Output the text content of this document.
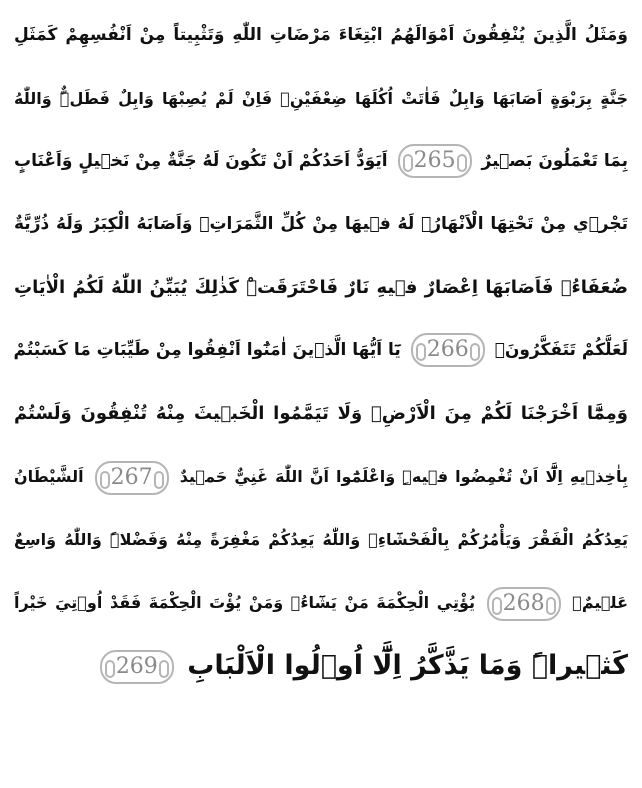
وَمَثَلُ الَّذِينَ يُنْفِقُونَ اَمْوَالَهُمُ ابْتِغَاءَ مَرْضَاتِ اللّٰهِ وَتَثْبِيتاً مِنْ اَنْفُسِهِمْ كَمَثَلِ
جَنَّةٍ بِرَبْوَةٍ اَصَابَهَا وَابِلٌ فَاٰتَتْ اُكُلَهَا ضِعْفَيْنِۚ فَاِنْ لَمْ يُصِبْهَا وَابِلٌ فَطَلٌّۜ وَاللّٰهُ
بِمَا تَعْمَلُونَ بَص۪يرٌ 265 اَيَوَدُّ اَحَدُكُمْ اَنْ تَكُونَ لَهُ جَنَّةٌ مِنْ نَخ۪يلٍ وَاَعْنَابٍ
تَجْر۪ي مِنْ تَحْتِهَا الْاَنْهَارُۙ لَهُ ف۪يهَا مِنْ كُلِّ الثَّمَرَاتِۙ وَاَصَابَهُ الْكِبَرُ وَلَهُ ذُرِّيَّةٌ
ضُعَفَاءُۖ فَاَصَابَهَا اِعْصَارٌ ف۪يهِ نَارٌ فَاحْتَرَقَتْۜ كَذٰلِكَ يُبَيِّنُ اللّٰهُ لَكُمُ الْاٰيَاتِ
لَعَلَّكُمْ تَتَفَكَّرُونَ۟ 266 يَٓا اَيُّهَا الَّذ۪ينَ اٰمَنُٓوا اَنْفِقُوا مِنْ طَيِّبَاتِ مَا كَسَبْتُمْ
وَمِمَّٓا اَخْرَجْنَا لَكُمْ مِنَ الْاَرْضِۖ وَلَا تَيَمَّمُوا الْخَب۪يثَ مِنْهُ تُنْفِقُونَ وَلَسْتُمْ
بِاٰخِذ۪يهِ اِلَّٓا اَنْ تُغْمِضُوا ف۪يهِۜ وَاعْلَمُٓوا اَنَّ اللّٰهَ غَنِيٌّ حَم۪يدٌ 267 اَلشَّيْطَانُ
يَعِدُكُمُ الْفَقْرَ وَيَأْمُرُكُمْ بِالْفَحْشَٓاءِۚ وَاللّٰهُ يَعِدُكُمْ مَغْفِرَةً مِنْهُ وَفَضْلاًۜ وَاللّٰهُ وَاسِعٌ
عَل۪يمٌۚ 268 يُؤْتِي الْحِكْمَةَ مَنْ يَشَٓاءُۚ وَمَنْ يُؤْتَ الْحِكْمَةَ فَقَدْ اُو۫تِيَ خَيْراً
كَث۪يراًۜ وَمَا يَذَّكَّرُ اِلَّٓا اُو۬لُوا الْاَلْبَابِ 269
